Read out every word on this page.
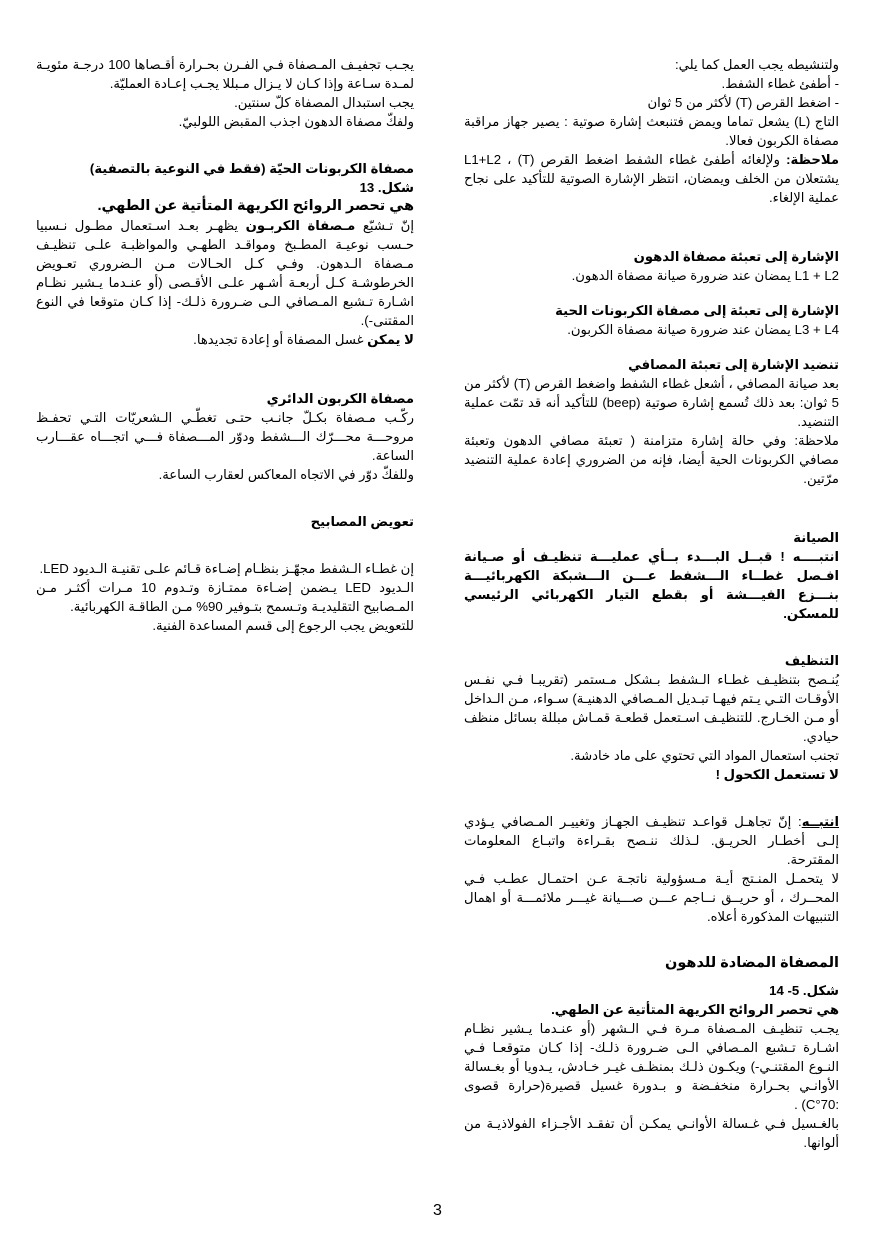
ولتنشيطه يجب العمل كما يلي:

- أطفئ غطاء الشفط.

- اضغط القرص (T) لأكثر من 5 ثوان

التاج (L) يشعل تماما ويمض فتنبعث إشارة صوتية : يصير جهاز مراقبة مصفاة الكربون فعالا.

ملاحظة: ولإلغائه أطفئ غطاء الشفط اضغط القرص (T) ، L1+L2 يشتعلان من الخلف ويمضان، انتظر الإشارة الصوتية للتأكيد على نجاح عملية الإلغاء.

الإشارة إلى تعبئة مصفاة الدهون

L1 + L2 يمضان عند ضرورة صيانة مصفاة الدهون.

الإشارة إلى تعبئة إلى مصفاة الكربونات الحية

L3 + L4 يمضان عند ضرورة صيانة مصفاة الكربون.

تنضيد الإشارة إلى تعبئة المصافي

بعد صيانة المصافي ، أشعل غطاء الشفط واضغط القرص (T) لأكثر من 5 ثوان: بعد ذلك تُسمع إشارة صوتية (beep) للتأكيد أنه قد تمّت عملية التنضيد.

ملاحظة: وفي حالة إشارة متزامنة ( تعبئة مصافي الدهون وتعبئة مصافي الكربونات الحية أيضا، فإنه من الضروري إعادة عملية التنضيد مرّتين.

الصيانة

انتبــــه ! قبــل البـــدء بــأي عمليـــة تنظيـف أو صـيانة افـصل غطــاء الـــشفط عـــن الـــشبكة الكهربائيـــة بنـــزع الفيـــشة أو بقطع التيار الكهربائي الرئيسي للمسكن.

التنظيف

يُنـصح بتنظيـف غطـاء الـشفط بـشكل مـستمر (تقريبـا فـي نفـس الأوقـات التـي يـتم فيهـا تبـديل المـصافي الدهنيـة) سـواء، مـن الـداخل أو مـن الخـارج. للتنظيـف اسـتعمل قطعـة قمـاش مبللة بسائل منظف حيادي.

تجنب استعمال المواد التي تحتوي على ماد خادشة.

لا تستعمل الكحول !

انتبــه: إنّ تجاهـل قواعـد تنظيـف الجهـاز وتغييـر المـصافي يـؤدي إلـى أخطـار الحريـق. لـذلك ننـصح بقـراءة واتبـاع المعلومات المقترحة.

لا يتحمـل المنـتج أيـة مـسؤولية ناتجـة عـن احتمـال عطـب فـي المحــرك ، أو حريــق نــاجم عـــن صـــيانة غيـــر ملائمـــة أو اهمال التنبيهات المذكورة أعلاه.

المصفاة المضادة للدهون

شكل. 5- 14

هي تحصر الروائح الكريهة المتأتية عن الطهي.

يجـب تنظيـف المـصفاة مـرة فـي الـشهر (أو عنـدما يـشير نظـام اشـارة تـشبع المـصافي الـى ضـرورة ذلـك- إذا كـان متوقعـا فـي النـوع المقتنـي-) ويكـون ذلـك بمنظـف غيـر خـادش، يـدويا أو بغـسالة الأوانـي بحـرارة منخفـضة و بـدورة غسيل قصيرة(حرارة قصوى :70°C) .

بالغـسيل فـي غـسالة الأوانـي يمكـن أن تفقـد الأجـزاء الفولاذيـة من ألوانها.

يجـب تجفيـف المـصفاة فـي الفـرن بحـرارة أقـصاها 100 درجـة مئويـة لمـدة سـاعة وإذا كـان لا يـزال مـبللا يجـب إعـادة العمليّة.

يجب استبدال المصفاة كلّ سنتين.

ولفكّ مصفاة الدهون اجذب المقبض اللولبيّ.

مصفاة الكربونات الحيّة (فقط في النوعية بالتصفية)

شكل. 13

هي تحصر الروائح الكريهة المتأتية عن الطهي.

إنّ تـشبّع مـصفاة الكربـون يظهـر بعـد اسـتعمال مطـول نـسبيا حـسب نوعيـة المطـبخ ومواقـد الطهـي والمواظبـة علـى تنظيـف مـصفاة الـدهون. وفـي كـل الحـالات مـن الـضروري تعـويض الخرطوشـة كـل أربعـة أشـهر علـى الأقـصى (أو عنـدما يـشير نظـام اشـارة تـشبع المـصافي الـى ضـرورة ذلـك- إذا كـان متوقعا في النوع المقتنى-).

لا يمكن غسل المصفاة أو إعادة تجديدها.

مصفاة الكربون الدائري

ركّـب مـصفاة بكـلّ جانـب حتـى تغطّـي الـشعريّات التـي تحفـظ مروحـــة محـــرّك الـــشفط ودوّر المـــصفاة فـــي اتجـــاه عقـــارب الساعة.

وللفكّ دوّر في الاتجاه المعاكس لعقارب الساعة.

تعويض المصابيح

إن غطـاء الـشفط مجهّـز بنظـام إضـاءة قـائم علـى تقنيـة الـديود LED.

الـديود LED يـضمن إضـاءة ممتـازة وتـدوم 10 مـرات أكثـر مـن المـصابيح التقليديـة وتـسمح بتـوفير 90% مـن الطاقـة الكهربائية.

للتعويض يجب الرجوع إلى قسم المساعدة الفنية.

3
